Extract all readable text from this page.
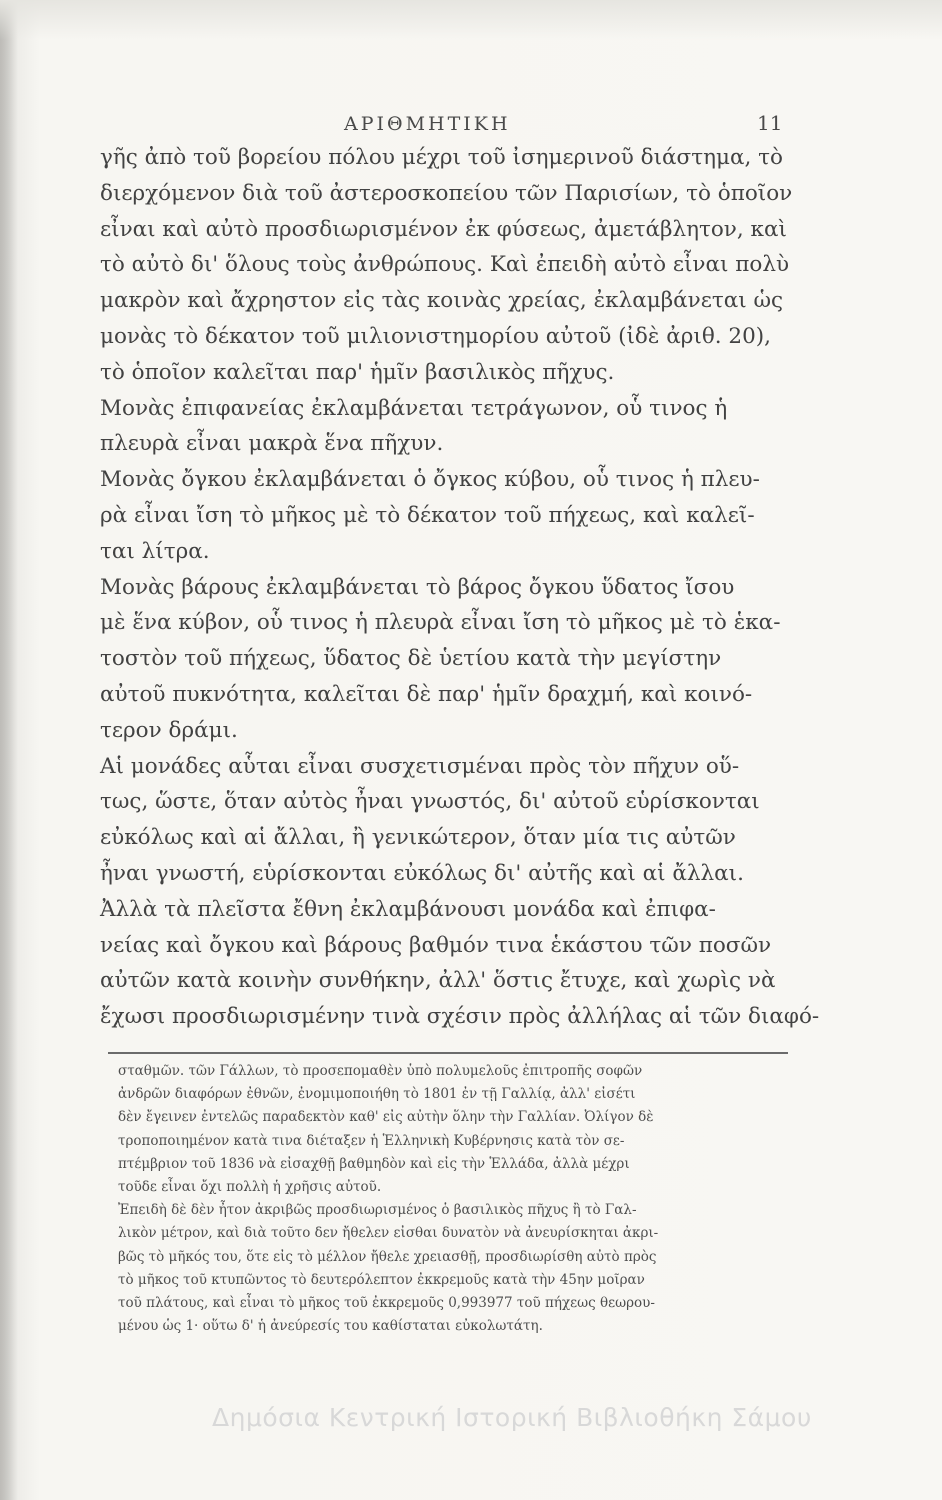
ΑΡΙΘΜΗΤΙΚΗ	11
γῆς ἀπὸ τοῦ βορείου πόλου μέχρι τοῦ ἰσημερινοῦ διάστημα, τὸ
διερχόμενον διὰ τοῦ ἀστεροσκοπείου τῶν Παρισίων, τὸ ὁποῖον
εἶναι καὶ αὐτὸ προσδιωρισμένον ἐκ φύσεως, ἀμετάβλητον, καὶ
τὸ αὐτὸ δι' ὅλους τοὺς ἀνθρώπους. Καὶ ἐπειδὴ αὐτὸ εἶναι πολὺ
μακρὸν καὶ ἄχρηστον εἰς τὰς κοινὰς χρείας, ἐκλαμβάνεται ὡς
μονὰς τὸ δέκατον τοῦ μιλιονιστημορίου αὐτοῦ (ἰδὲ ἀριθ. 20),
τὸ ὁποῖον καλεῖται παρ' ἡμῖν βασιλικὸς πῆχυς.
Μονὰς ἐπιφανείας ἐκλαμβάνεται τετράγωνον, οὗ τινος ἡ
πλευρὰ εἶναι μακρὰ ἕνα πῆχυν.
Μονὰς ὄγκου ἐκλαμβάνεται ὁ ὄγκος κύβου, οὗ τινος ἡ πλευ-
ρὰ εἶναι ἴση τὸ μῆκος μὲ τὸ δέκατον τοῦ πήχεως, καὶ καλεῖ-
ται λίτρα.
Μονὰς βάρους ἐκλαμβάνεται τὸ βάρος ὄγκου ὕδατος ἴσου
μὲ ἕνα κύβον, οὗ τινος ἡ πλευρὰ εἶναι ἴση τὸ μῆκος μὲ τὸ ἑκα-
τοστὸν τοῦ πήχεως, ὕδατος δὲ ὑετίου κατὰ τὴν μεγίστην
αὐτοῦ πυκνότητα, καλεῖται δὲ παρ' ἡμῖν δραχμή, καὶ κοινό-
τερον δράμι.
Αἱ μονάδες αὗται εἶναι συσχετισμέναι πρὸς τὸν πῆχυν οὕ-
τως, ὥστε, ὅταν αὐτὸς ἦναι γνωστός, δι' αὐτοῦ εὑρίσκονται
εὐκόλως καὶ αἱ ἄλλαι, ἢ γενικώτερον, ὅταν μία τις αὐτῶν
ἦναι γνωστή, εὑρίσκονται εὐκόλως δι' αὐτῆς καὶ αἱ ἄλλαι.
Ἀλλὰ τὰ πλεῖστα ἔθνη ἐκλαμβάνουσι μονάδα καὶ ἐπιφα-
νείας καὶ ὄγκου καὶ βάρους βαθμόν τινα ἑκάστου τῶν ποσῶν
αὐτῶν κατὰ κοινὴν συνθήκην, ἀλλ' ὅστις ἔτυχε, καὶ χωρὶς νὰ
ἔχωσι προσδιωρισμένην τινὰ σχέσιν πρὸς ἀλλήλας αἱ τῶν διαφό-
σταθμῶν. τῶν Γάλλων, τὸ προσεπομαθὲν ὑπὸ πολυμελοῦς ἐπιτροπῆς σοφῶν
ἀνδρῶν διαφόρων ἐθνῶν, ἐνομιμοποιήθη τὸ 1801 ἐν τῇ Γαλλίᾳ, ἀλλ' εἰσέτι
δὲν ἔγεινεν ἐντελῶς παραδεκτὸν καθ' εἰς αὐτὴν ὅλην τὴν Γαλλίαν. Ὀλίγον δὲ
τροποποιημένον κατὰ τινα διέταξεν ἡ Ἑλληνικὴ Κυβέρνησις κατὰ τὸν σε-
πτέμβριον τοῦ 1836 νὰ εἰσαχθῇ βαθμηδὸν καὶ εἰς τὴν Ἑλλάδα, ἀλλὰ μέχρι
τοῦδε εἶναι ὄχι πολλὴ ἡ χρῆσις αὐτοῦ.
Ἐπειδὴ δὲ δὲν ἦτον ἀκριβῶς προσδιωρισμένος ὁ βασιλικὸς πῆχυς ἢ τὸ Γαλ-
λικὸν μέτρον, καὶ διὰ τοῦτο δεν ἤθελεν εἰσθαι δυνατὸν νὰ ἀνευρίσκηται ἀκρι-
βῶς τὸ μῆκός του, ὅτε εἰς τὸ μέλλον ἤθελε χρειασθῇ, προσδιωρίσθη αὐτὸ πρὸς
τὸ μῆκος τοῦ κτυπῶντος τὸ δευτερόλεπτον ἐκκρεμοῦς κατὰ τὴν 45ην μοῖραν
τοῦ πλάτους, καὶ εἶναι τὸ μῆκος τοῦ ἐκκρεμοῦς 0,993977 τοῦ πήχεως θεωρου-
μένου ὡς 1· οὕτω δ' ἡ ἀνεύρεσίς του καθίσταται εὐκολωτάτη.
Δημόσια Κεντρική Ιστορική Βιβλιοθήκη Σάμου
